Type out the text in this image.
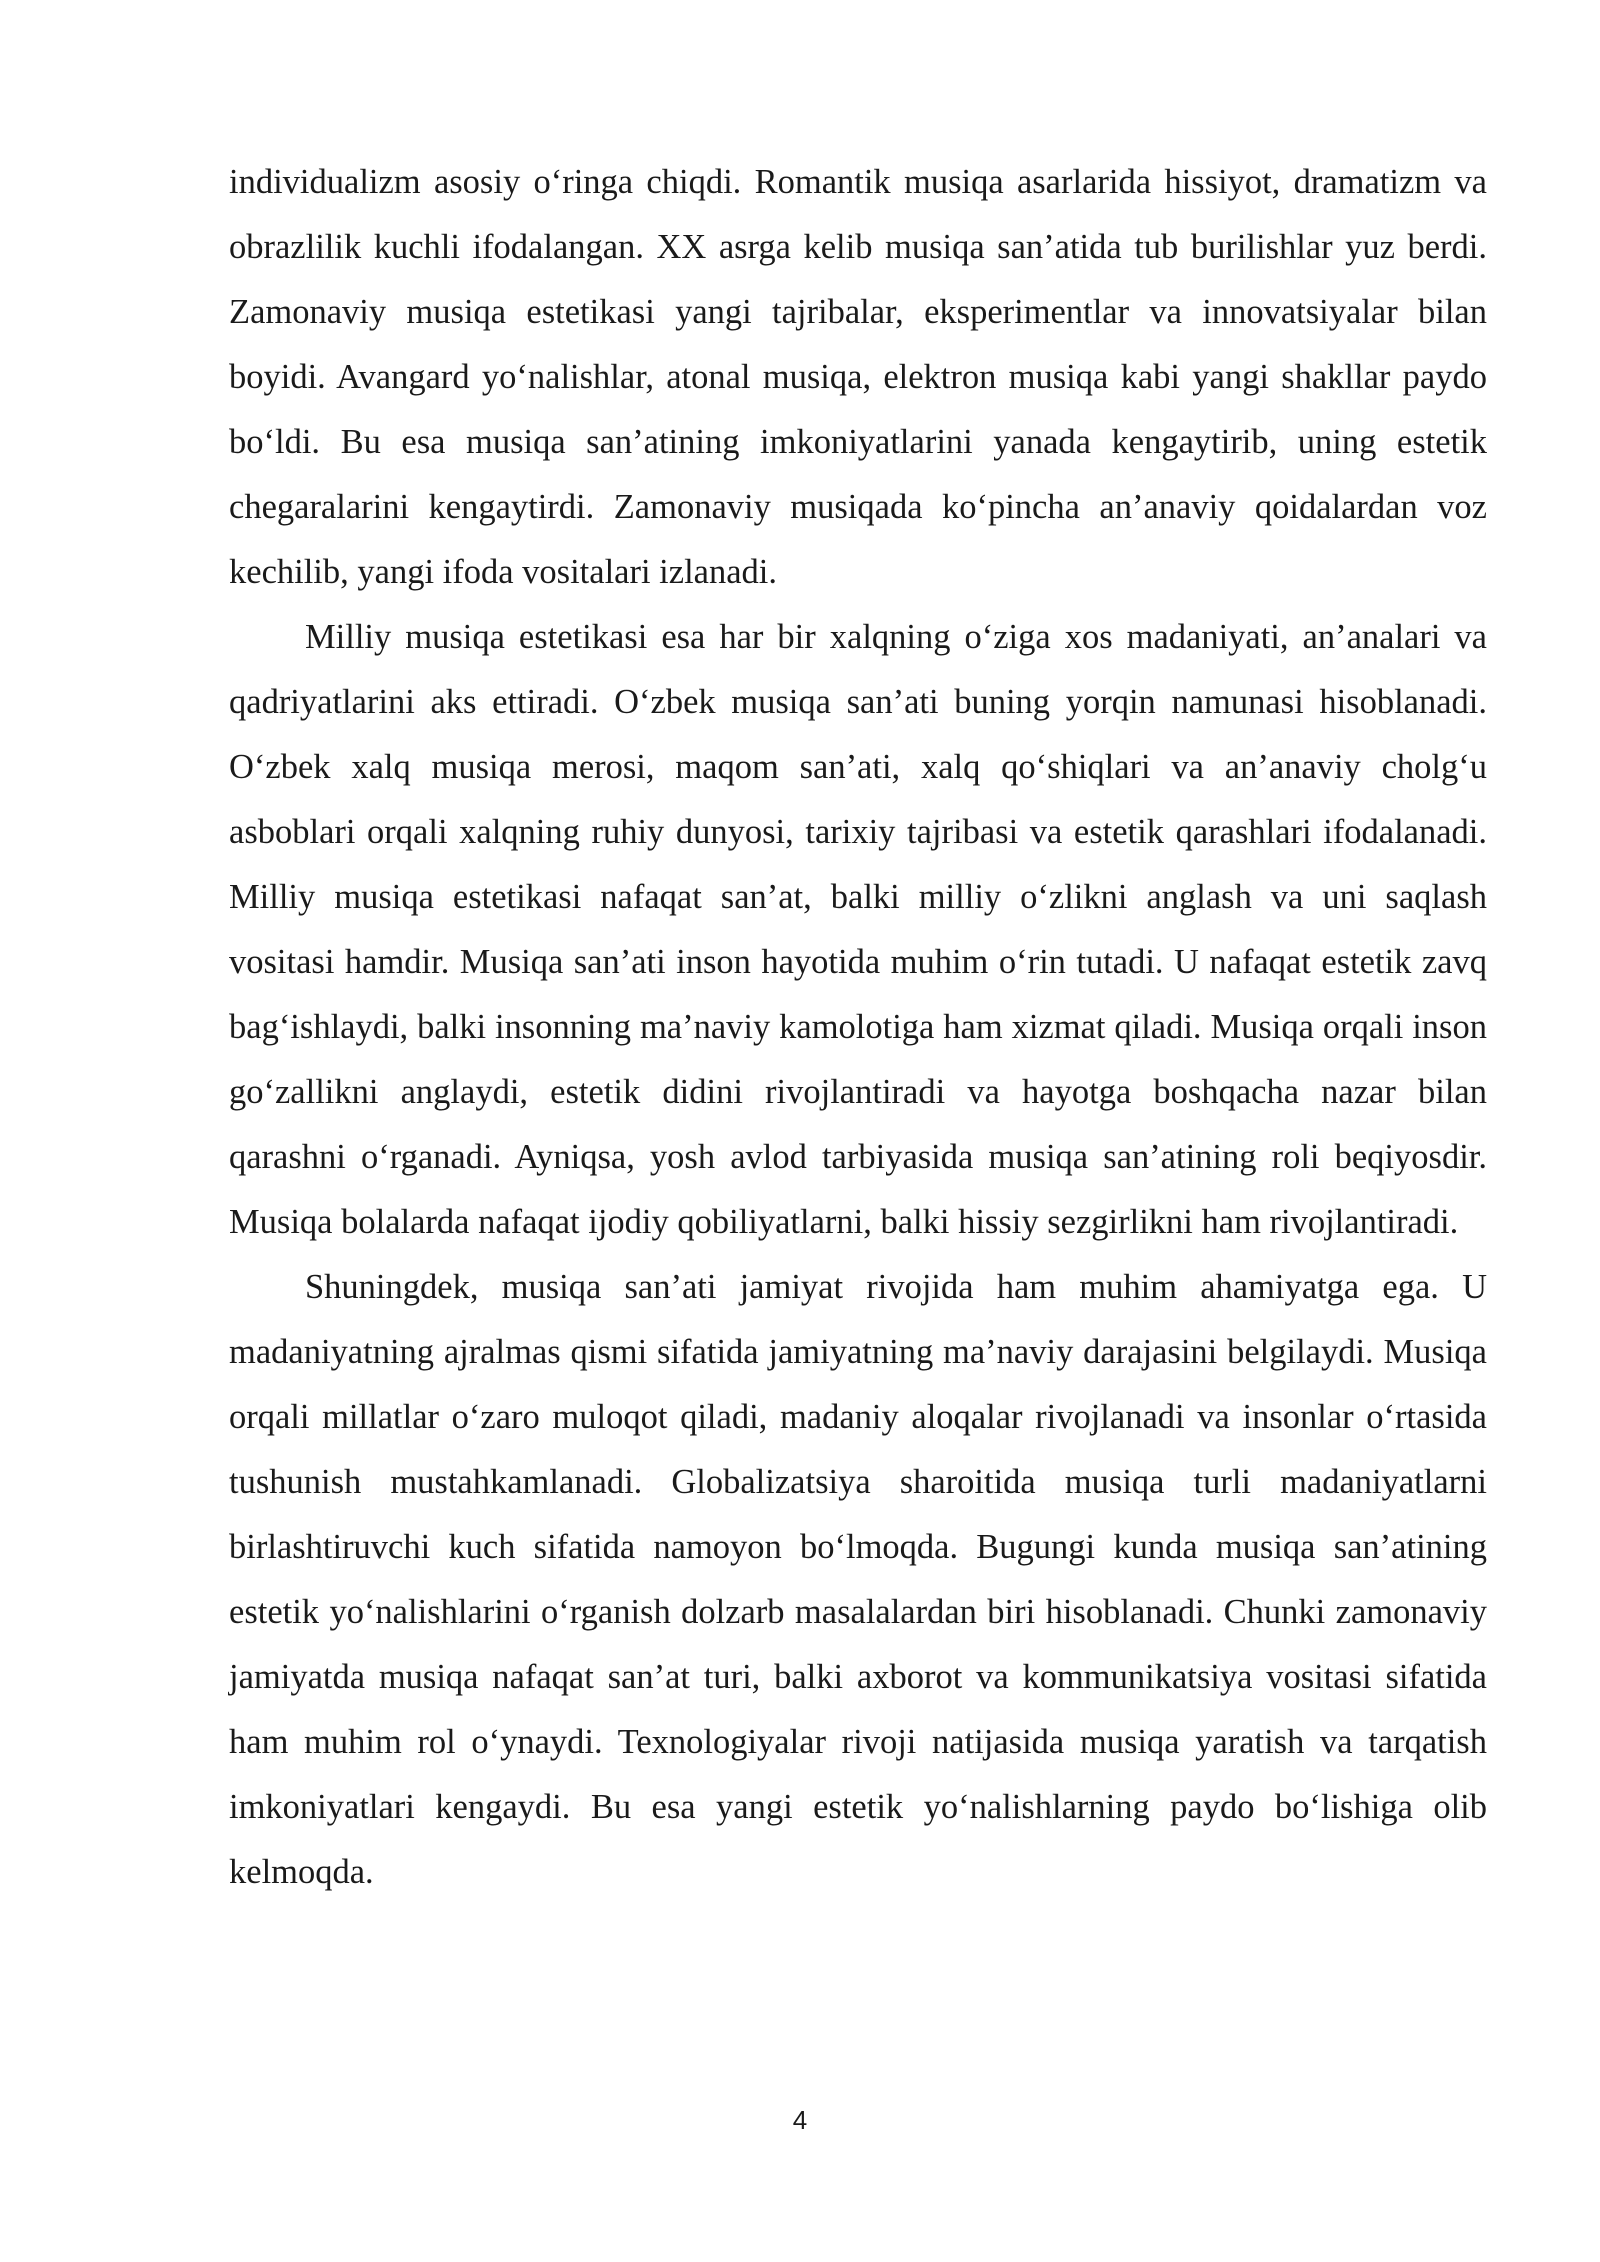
individualizm asosiy o‘ringa chiqdi. Romantik musiqa asarlarida hissiyot, dramatizm va obrazlilik kuchli ifodalangan. XX asrga kelib musiqa san’atida tub burilishlar yuz berdi. Zamonaviy musiqa estetikasi yangi tajribalar, eksperimentlar va innovatsiyalar bilan boyidi. Avangard yo‘nalishlar, atonal musiqa, elektron musiqa kabi yangi shakllar paydo bo‘ldi. Bu esa musiqa san’atining imkoniyatlarini yanada kengaytirib, uning estetik chegaralarini kengaytirdi. Zamonaviy musiqada ko‘pincha an’anaviy qoidalardan voz kechilib, yangi ifoda vositalari izlanadi.

Milliy musiqa estetikasi esa har bir xalqning o‘ziga xos madaniyati, an’analari va qadriyatlarini aks ettiradi. O‘zbek musiqa san’ati buning yorqin namunasi hisoblanadi. O‘zbek xalq musiqa merosi, maqom san’ati, xalq qo‘shiqlari va an’anaviy cholg‘u asboblari orqali xalqning ruhiy dunyosi, tarixiy tajribasi va estetik qarashlari ifodalanadi. Milliy musiqa estetikasi nafaqat san’at, balki milliy o‘zlikni anglash va uni saqlash vositasi hamdir. Musiqa san’ati inson hayotida muhim o‘rin tutadi. U nafaqat estetik zavq bag‘ishlaydi, balki insonning ma’naviy kamolotiga ham xizmat qiladi. Musiqa orqali inson go‘zallikni anglaydi, estetik didini rivojlantiradi va hayotga boshqacha nazar bilan qarashni o‘rganadi. Ayniqsa, yosh avlod tarbiyasida musiqa san’atining roli beqiyosdir. Musiqa bolalarda nafaqat ijodiy qobiliyatlarni, balki hissiy sezgirlikni ham rivojlantiradi.

Shuningdek, musiqa san’ati jamiyat rivojida ham muhim ahamiyatga ega. U madaniyatning ajralmas qismi sifatida jamiyatning ma’naviy darajasini belgilaydi. Musiqa orqali millatlar o‘zaro muloqot qiladi, madaniy aloqalar rivojlanadi va insonlar o‘rtasida tushunish mustahkamlanadi. Globalizatsiya sharoitida musiqa turli madaniyatlarni birlashtiruvchi kuch sifatida namoyon bo‘lmoqda. Bugungi kunda musiqa san’atining estetik yo‘nalishlarini o‘rganish dolzarb masalalardan biri hisoblanadi. Chunki zamonaviy jamiyatda musiqa nafaqat san’at turi, balki axborot va kommunikatsiya vositasi sifatida ham muhim rol o‘ynaydi. Texnologiyalar rivoji natijasida musiqa yaratish va tarqatish imkoniyatlari kengaydi. Bu esa yangi estetik yo‘nalishlarning paydo bo‘lishiga olib kelmoqda.

4
